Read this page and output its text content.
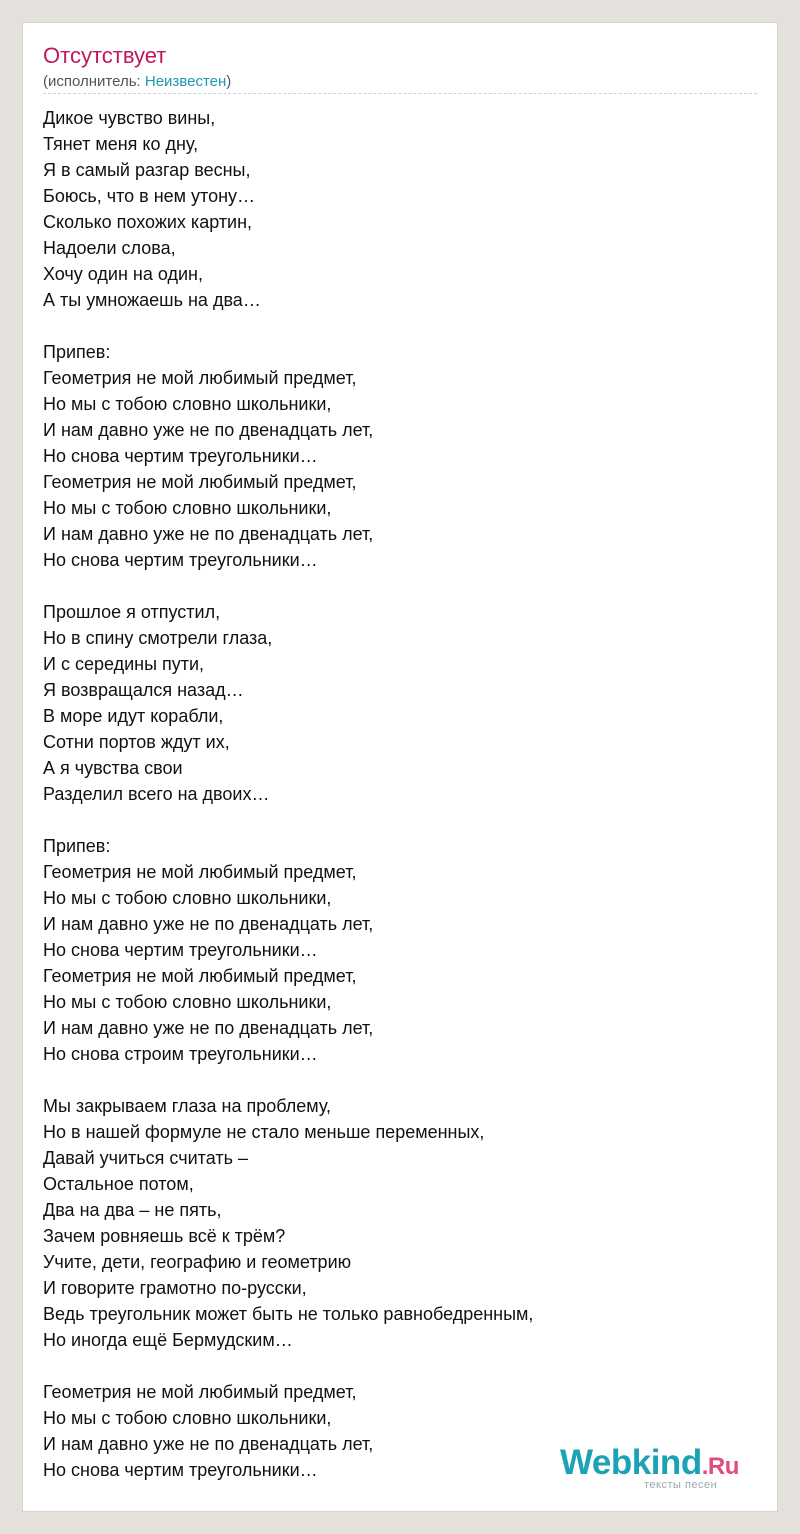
Отсутствует
(исполнитель: Неизвестен)
Дикое чувство вины,
Тянет меня ко дну,
Я в самый разгар весны,
Боюсь, что в нем утону…
Сколько похожих картин,
Надоели слова,
Хочу один на один,
А ты умножаешь на два…
Припев:
Геометрия не мой любимый предмет,
Но мы с тобою словно школьники,
И нам давно уже не по двенадцать лет,
Но снова чертим треугольники…
Геометрия не мой любимый предмет,
Но мы с тобою словно школьники,
И нам давно уже не по двенадцать лет,
Но снова чертим треугольники…
Прошлое я отпустил,
Но в спину смотрели глаза,
И с середины пути,
Я возвращался назад…
В море идут корабли,
Сотни портов ждут их,
А я чувства свои
Разделил всего на двоих…
Припев:
Геометрия не мой любимый предмет,
Но мы с тобою словно школьники,
И нам давно уже не по двенадцать лет,
Но снова чертим треугольники…
Геометрия не мой любимый предмет,
Но мы с тобою словно школьники,
И нам давно уже не по двенадцать лет,
Но снова строим треугольники…
Мы закрываем глаза на проблему,
Но в нашей формуле не стало меньше переменных,
Давай учиться считать –
Остальное потом,
Два на два – не пять,
Зачем ровняешь всё к трём?
Учите, дети, географию и геометрию
И говорите грамотно по-русски,
Ведь треугольник может быть не только равнобедренным,
Но иногда ещё Бермудским…
Геометрия не мой любимый предмет,
Но мы с тобою словно школьники,
И нам давно уже не по двенадцать лет,
Но снова чертим треугольники…	Webkind.Ru
тексты песен
